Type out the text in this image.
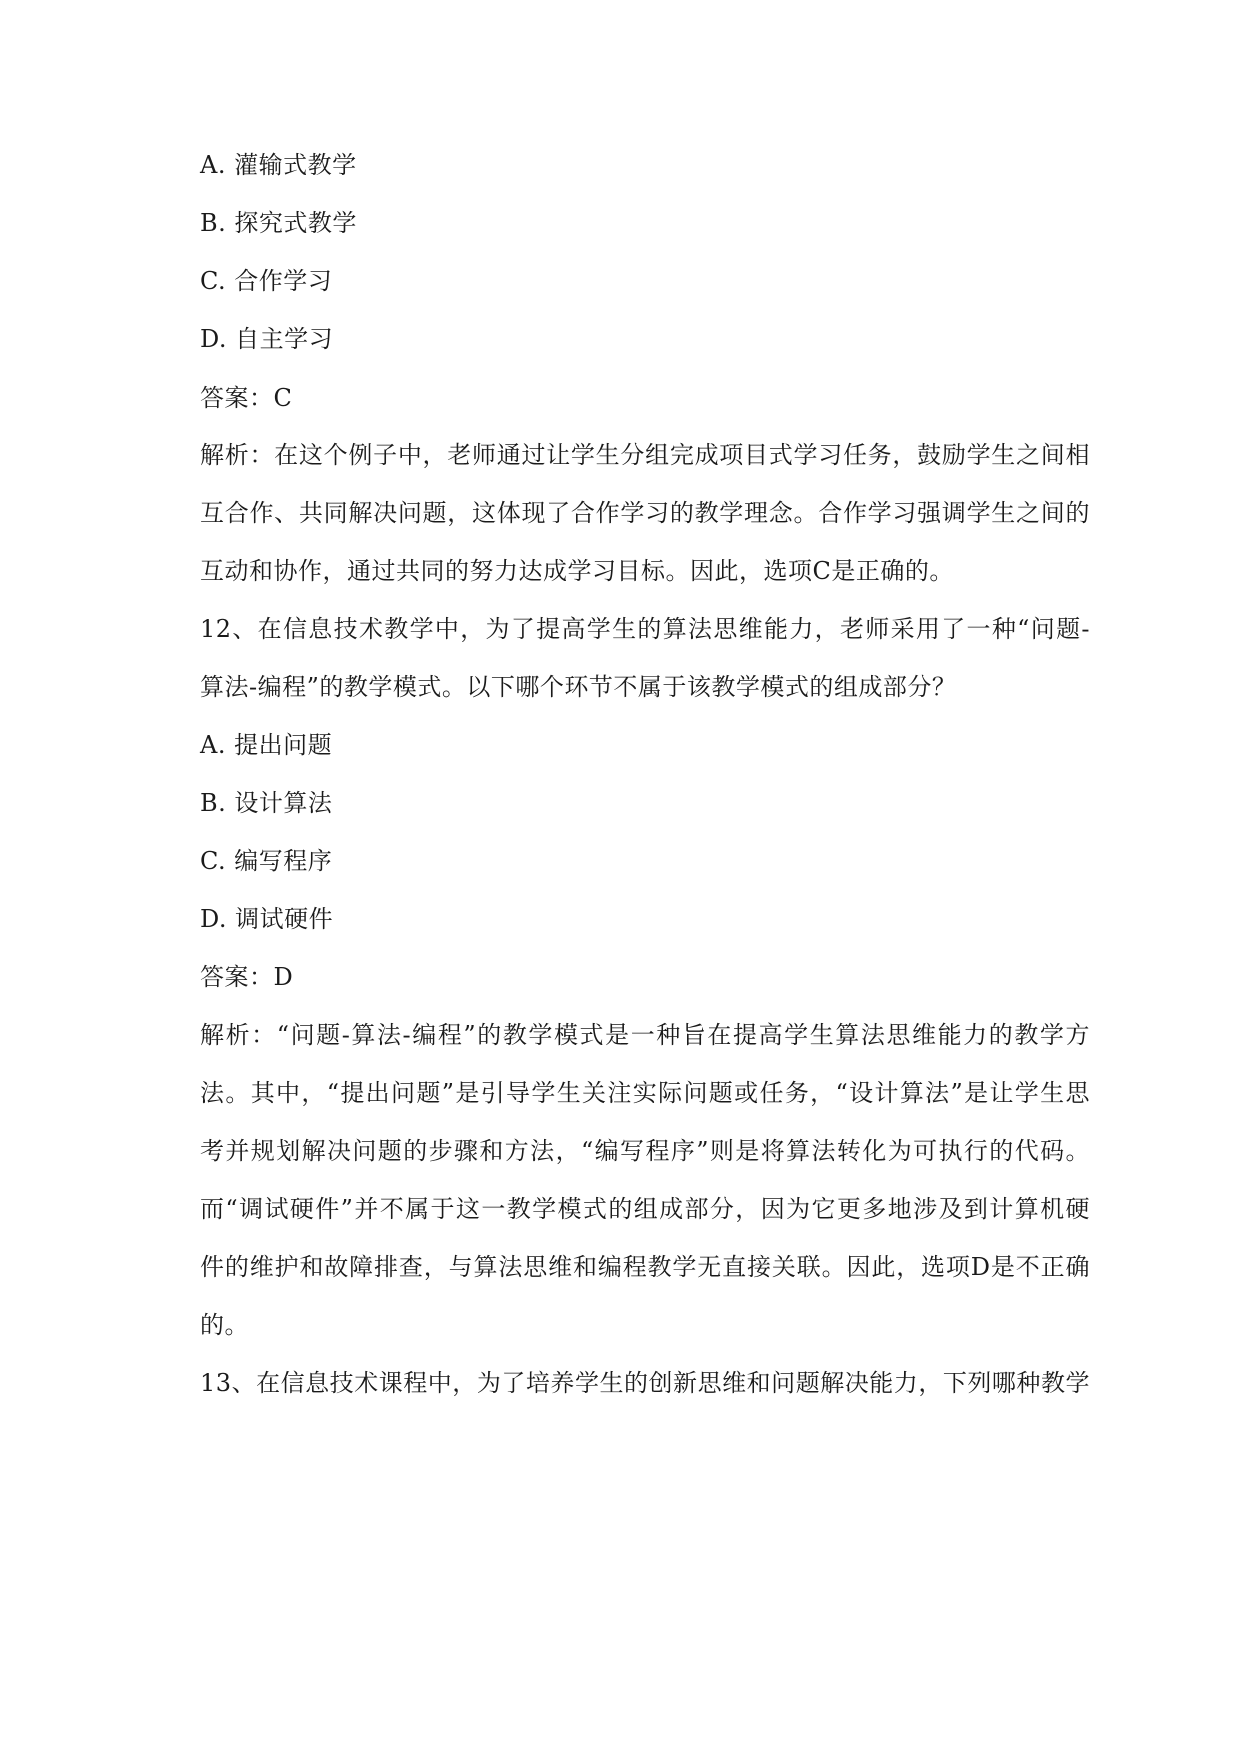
A. 灌输式教学
B. 探究式教学
C. 合作学习
D. 自主学习
答案：C
解析：在这个例子中，老师通过让学生分组完成项目式学习任务，鼓励学生之间相
互合作、共同解决问题，这体现了合作学习的教学理念。合作学习强调学生之间的
互动和协作，通过共同的努力达成学习目标。因此，选项C是正确的。
12、在信息技术教学中，为了提高学生的算法思维能力，老师采用了一种“问题-
算法-编程”的教学模式。以下哪个环节不属于该教学模式的组成部分？
A. 提出问题
B. 设计算法
C. 编写程序
D. 调试硬件
答案：D
解析：“问题-算法-编程”的教学模式是一种旨在提高学生算法思维能力的教学方
法。其中，“提出问题”是引导学生关注实际问题或任务，“设计算法”是让学生思
考并规划解决问题的步骤和方法，“编写程序”则是将算法转化为可执行的代码。
而“调试硬件”并不属于这一教学模式的组成部分，因为它更多地涉及到计算机硬
件的维护和故障排查，与算法思维和编程教学无直接关联。因此，选项D是不正确
的。
13、在信息技术课程中，为了培养学生的创新思维和问题解决能力，下列哪种教学
